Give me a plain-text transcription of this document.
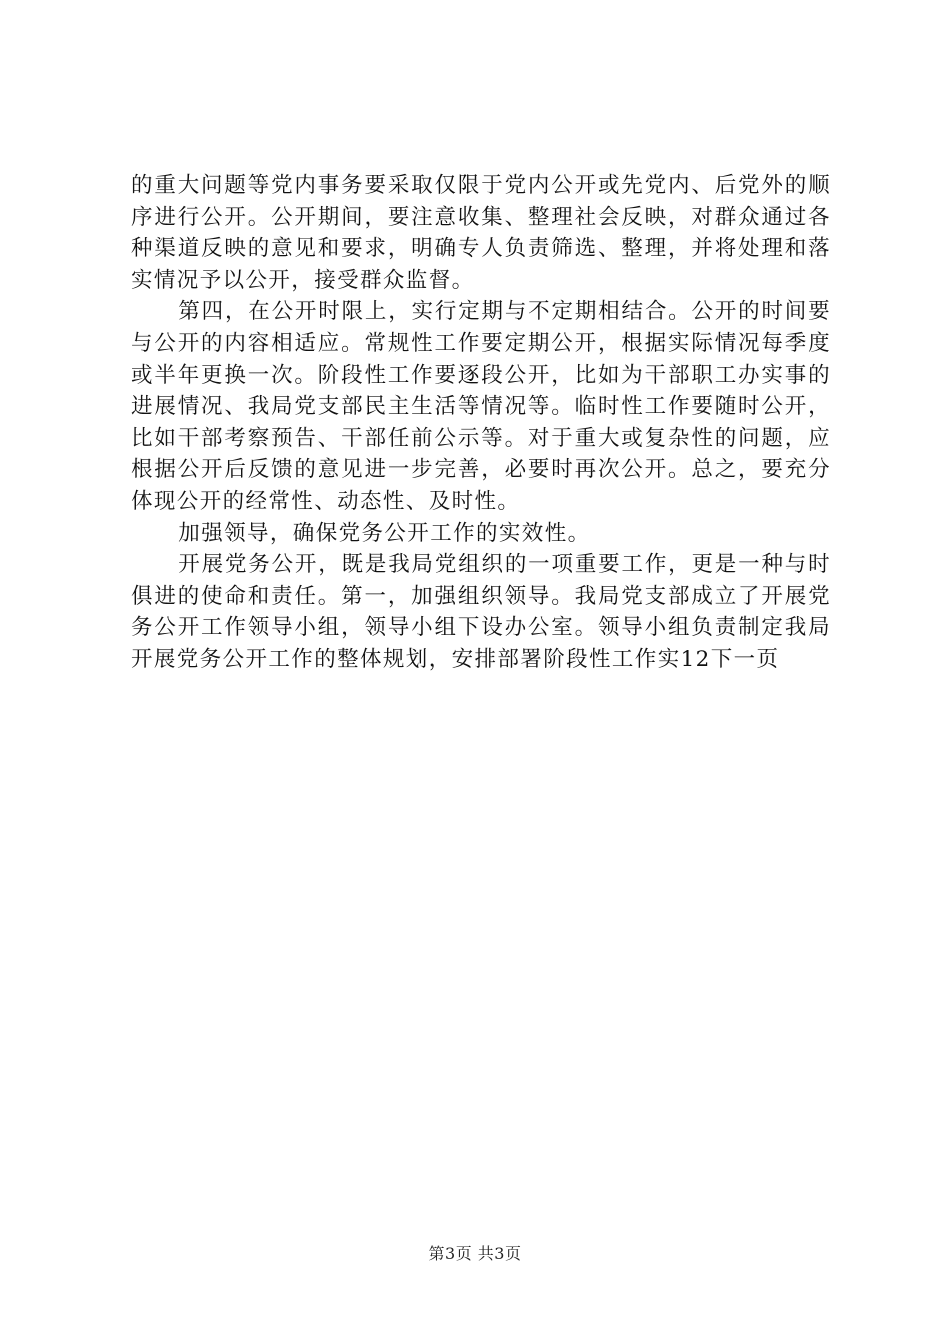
的重大问题等党内事务要采取仅限于党内公开或先党内、后党外的顺序进行公开。公开期间，要注意收集、整理社会反映，对群众通过各种渠道反映的意见和要求，明确专人负责筛选、整理，并将处理和落实情况予以公开，接受群众监督。

第四，在公开时限上，实行定期与不定期相结合。公开的时间要与公开的内容相适应。常规性工作要定期公开，根据实际情况每季度或半年更换一次。阶段性工作要逐段公开，比如为干部职工办实事的进展情况、我局党支部民主生活等情况等。临时性工作要随时公开，比如干部考察预告、干部任前公示等。对于重大或复杂性的问题，应根据公开后反馈的意见进一步完善，必要时再次公开。总之，要充分体现公开的经常性、动态性、及时性。

加强领导，确保党务公开工作的实效性。

开展党务公开，既是我局党组织的一项重要工作，更是一种与时俱进的使命和责任。第一，加强组织领导。我局党支部成立了开展党务公开工作领导小组，领导小组下设办公室。领导小组负责制定我局开展党务公开工作的整体规划，安排部署阶段性工作实12下一页

第3页 共3页
